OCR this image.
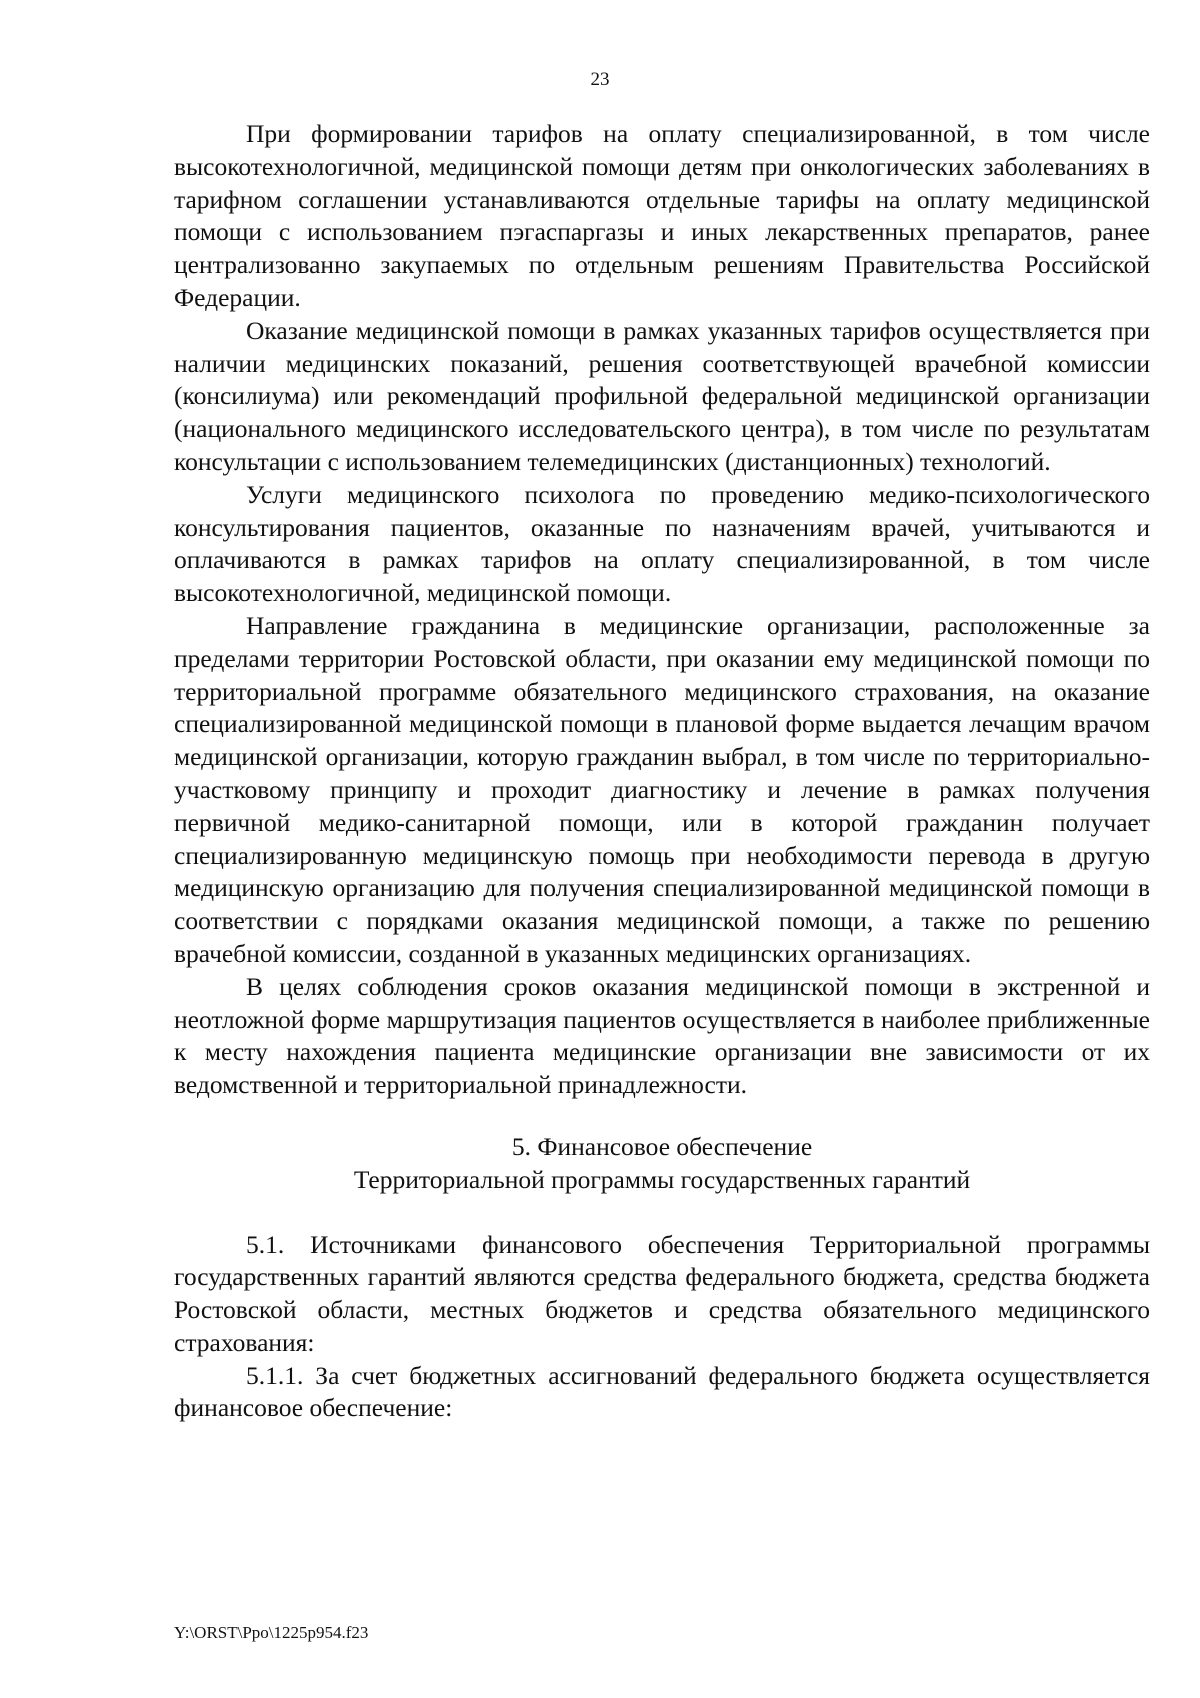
23

При формировании тарифов на оплату специализированной, в том числе высокотехнологичной, медицинской помощи детям при онкологических заболеваниях в тарифном соглашении устанавливаются отдельные тарифы на оплату медицинской помощи с использованием пэгаспаргазы и иных лекарственных препаратов, ранее централизованно закупаемых по отдельным решениям Правительства Российской Федерации.

Оказание медицинской помощи в рамках указанных тарифов осуществляется при наличии медицинских показаний, решения соответствующей врачебной комиссии (консилиума) или рекомендаций профильной федеральной медицинской организации (национального медицинского исследовательского центра), в том числе по результатам консультации с использованием телемедицинских (дистанционных) технологий.

Услуги медицинского психолога по проведению медико-психологического консультирования пациентов, оказанные по назначениям врачей, учитываются и оплачиваются в рамках тарифов на оплату специализированной, в том числе высокотехнологичной, медицинской помощи.

Направление гражданина в медицинские организации, расположенные за пределами территории Ростовской области, при оказании ему медицинской помощи по территориальной программе обязательного медицинского страхования, на оказание специализированной медицинской помощи в плановой форме выдается лечащим врачом медицинской организации, которую гражданин выбрал, в том числе по территориально-участковому принципу и проходит диагностику и лечение в рамках получения первичной медико-санитарной помощи, или в которой гражданин получает специализированную медицинскую помощь при необходимости перевода в другую медицинскую организацию для получения специализированной медицинской помощи в соответствии с порядками оказания медицинской помощи, а также по решению врачебной комиссии, созданной в указанных медицинских организациях.

В целях соблюдения сроков оказания медицинской помощи в экстренной и неотложной форме маршрутизация пациентов осуществляется в наиболее приближенные к месту нахождения пациента медицинские организации вне зависимости от их ведомственной и территориальной принадлежности.

5. Финансовое обеспечение

Территориальной программы государственных гарантий

5.1. Источниками финансового обеспечения Территориальной программы государственных гарантий являются средства федерального бюджета, средства бюджета Ростовской области, местных бюджетов и средства обязательного медицинского страхования:

5.1.1. За счет бюджетных ассигнований федерального бюджета осуществляется финансовое обеспечение:

Y:\ORST\Ppo\1225p954.f23
